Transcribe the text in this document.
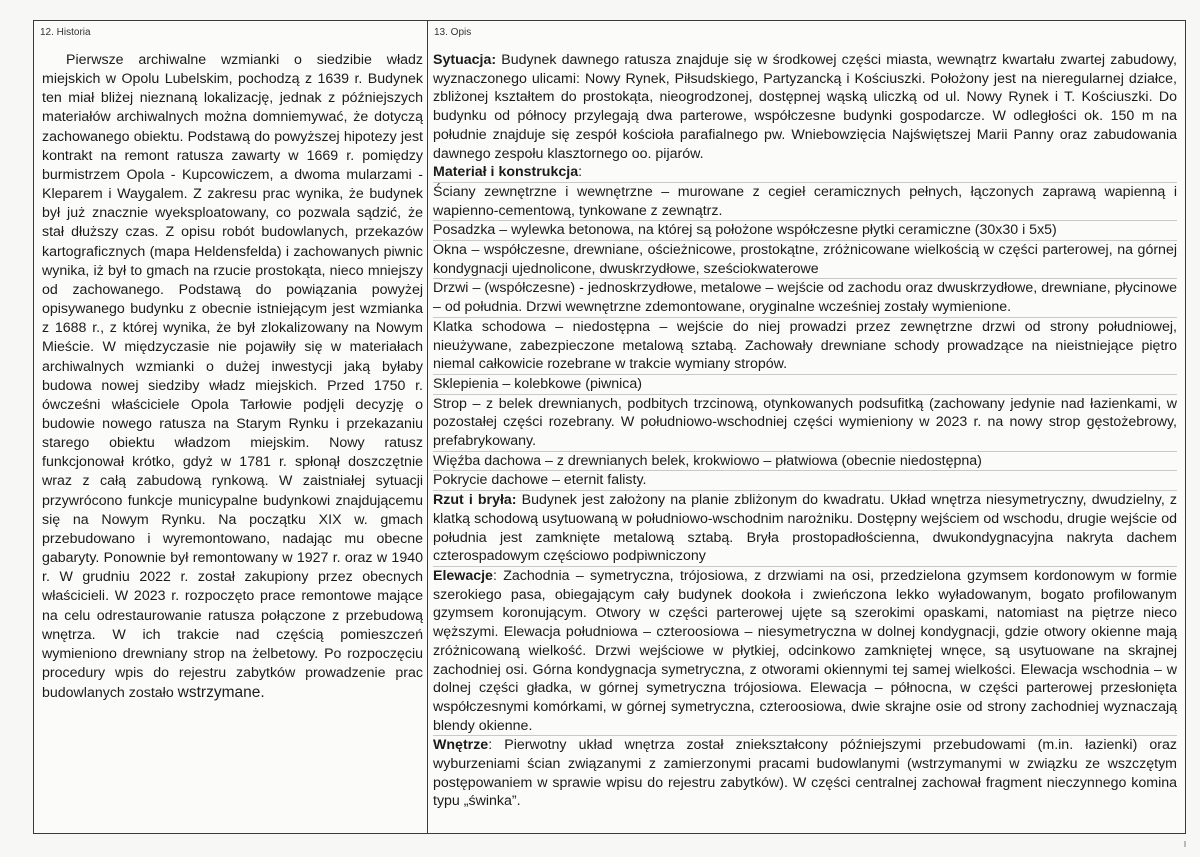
12. Historia

Pierwsze archiwalne wzmianki o siedzibie władz miejskich w Opolu Lubelskim, pochodzą z 1639 r. Budynek ten miał bliżej nieznaną lokalizację, jednak z późniejszych materiałów archiwalnych można domniemywać, że dotyczą zachowanego obiektu. Podstawą do powyższej hipotezy jest kontrakt na remont ratusza zawarty w 1669 r. pomiędzy burmistrzem Opola - Kupcowiczem, a dwoma mularzami - Kleparem i Waygalem. Z zakresu prac wynika, że budynek był już znacznie wyeksploatowany, co pozwala sądzić, że stał dłuższy czas. Z opisu robót budowlanych, przekazów kartograficznych (mapa Heldensfelda) i zachowanych piwnic wynika, iż był to gmach na rzucie prostokąta, nieco mniejszy od zachowanego. Podstawą do powiązania powyżej opisywanego budynku z obecnie istniejącym jest wzmianka z 1688 r., z której wynika, że był zlokalizowany na Nowym Mieście. W międzyczasie nie pojawiły się w materiałach archiwalnych wzmianki o dużej inwestycji jaką byłaby budowa nowej siedziby władz miejskich. Przed 1750 r. ówcześni właściciele Opola Tarłowie podjęli decyzję o budowie nowego ratusza na Starym Rynku i przekazaniu starego obiektu władzom miejskim. Nowy ratusz funkcjonował krótko, gdyż w 1781 r. spłonął doszczętnie wraz z całą zabudową rynkową. W zaistniałej sytuacji przywrócono funkcje municypalne budynkowi znajdującemu się na Nowym Rynku. Na początku XIX w. gmach przebudowano i wyremontowano, nadając mu obecne gabaryty. Ponownie był remontowany w 1927 r. oraz w 1940 r. W grudniu 2022 r. został zakupiony przez obecnych właścicieli. W 2023 r. rozpoczęto prace remontowe mające na celu odrestaurowanie ratusza połączone z przebudową wnętrza. W ich trakcie nad częścią pomieszczeń wymieniono drewniany strop na żelbetowy. Po rozpoczęciu procedury wpis do rejestru zabytków prowadzenie prac budowlanych zostało wstrzymane.

13. Opis

Sytuacja: Budynek dawnego ratusza znajduje się w środkowej części miasta, wewnątrz kwartału zwartej zabudowy, wyznaczonego ulicami: Nowy Rynek, Piłsudskiego, Partyzancką i Kościuszki. Położony jest na nieregularnej działce, zbliżonej kształtem do prostokąta, nieogrodzonej, dostępnej wąską uliczką od ul. Nowy Rynek i T. Kościuszki. Do budynku od północy przylegają dwa parterowe, współczesne budynki gospodarcze. W odległości ok. 150 m na południe znajduje się zespół kościoła parafialnego pw. Wniebowzięcia Najświętszej Marii Panny oraz zabudowania dawnego zespołu klasztornego oo. pijarów.

Materiał i konstrukcja:

Ściany zewnętrzne i wewnętrzne – murowane z cegieł ceramicznych pełnych, łączonych zaprawą wapienną i wapienno-cementową, tynkowane z zewnątrz.

Posadzka – wylewka betonowa, na której są położone współczesne płytki ceramiczne (30x30 i 5x5)

Okna – współczesne, drewniane, ościeżnicowe, prostokątne, zróżnicowane wielkością w części parterowej, na górnej kondygnacji ujednolicone, dwuskrzydłowe, sześciokwaterowe

Drzwi – (współczesne) - jednoskrzydłowe, metalowe – wejście od zachodu oraz dwuskrzydłowe, drewniane, płycinowe – od południa. Drzwi wewnętrzne zdemontowane, oryginalne wcześniej zostały wymienione.

Klatka schodowa – niedostępna – wejście do niej prowadzi przez zewnętrzne drzwi od strony południowej, nieużywane, zabezpieczone metalową sztabą. Zachowały drewniane schody prowadzące na nieistniejące piętro niemal całkowicie rozebrane w trakcie wymiany stropów.

Sklepienia – kolebkowe (piwnica)

Strop – z belek drewnianych, podbitych trzcinową, otynkowanych podsufitką (zachowany jedynie nad łazienkami, w pozostałej części rozebrany. W południowo-wschodniej części wymieniony w 2023 r. na nowy strop gęstożebrowy, prefabrykowany.

Więźba dachowa – z drewnianych belek, krokwiowo – płatwiowa (obecnie niedostępna)

Pokrycie dachowe – eternit falisty.

Rzut i bryła: Budynek jest założony na planie zbliżonym do kwadratu. Układ wnętrza niesymetryczny, dwudzielny, z klatką schodową usytuowaną w południowo-wschodnim narożniku. Dostępny wejściem od wschodu, drugie wejście od południa jest zamknięte metalową sztabą. Bryła prostopadłościenna, dwukondygnacyjna nakryta dachem czterospadowym częściowo podpiwniczony

Elewacje: Zachodnia – symetryczna, trójosiowa, z drzwiami na osi, przedzielona gzymsem kordonowym w formie szerokiego pasa, obiegającym cały budynek dookoła i zwieńczona lekko wyładowanym, bogato profilowanym gzymsem koronującym. Otwory w części parterowej ujęte są szerokimi opaskami, natomiast na piętrze nieco węższymi. Elewacja południowa – czteroosiowa – niesymetryczna w dolnej kondygnacji, gdzie otwory okienne mają zróżnicowaną wielkość. Drzwi wejściowe w płytkiej, odcinkowo zamkniętej wnęce, są usytuowane na skrajnej zachodniej osi. Górna kondygnacja symetryczna, z otworami okiennymi tej samej wielkości. Elewacja wschodnia – w dolnej części gładka, w górnej symetryczna trójosiowa. Elewacja – północna, w części parterowej przesłonięta współczesnymi komórkami, w górnej symetryczna, czteroosiowa, dwie skrajne osie od strony zachodniej wyznaczają blendy okienne.

Wnętrze: Pierwotny układ wnętrza został zniekształcony późniejszymi przebudowami (m.in. łazienki) oraz wyburzeniami ścian związanymi z zamierzonymi pracami budowlanymi (wstrzymanymi w związku ze wszczętym postępowaniem w sprawie wpisu do rejestru zabytków). W części centralnej zachował fragment nieczynnego komina typu „świnka”.
